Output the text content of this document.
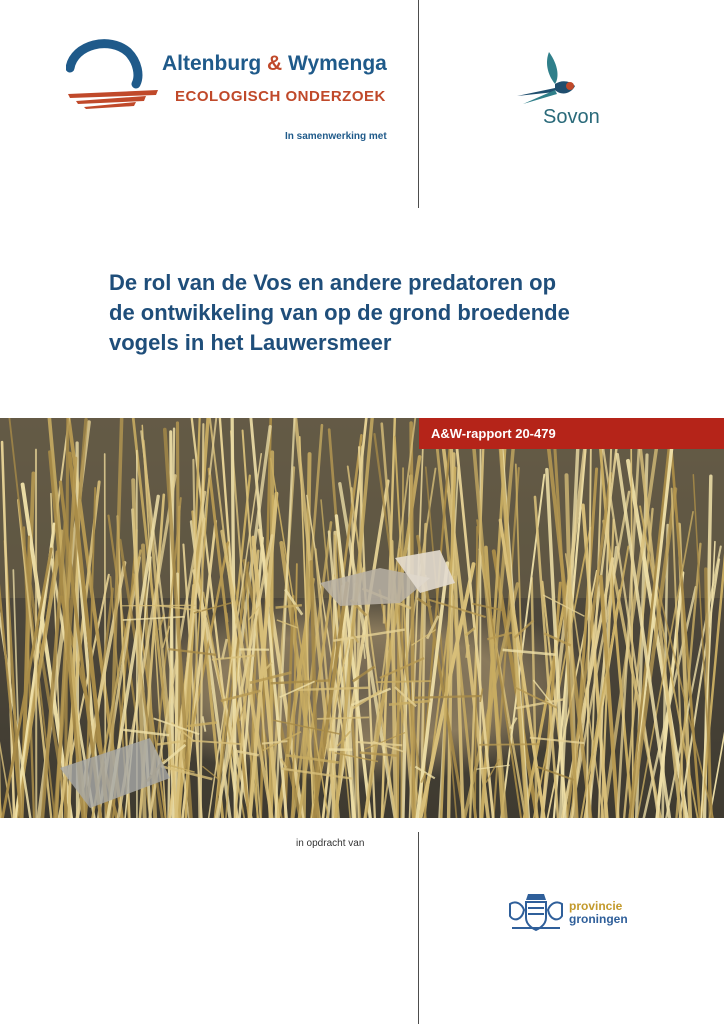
Altenburg & Wymenga
ECOLOGISCH ONDERZOEK
In samenwerking met
Sovon
De rol van de Vos en andere predatoren op
de ontwikkeling van op de grond broedende
vogels in het Lauwersmeer
A&W-rapport 20-479
in opdracht van
provincie
groningen
